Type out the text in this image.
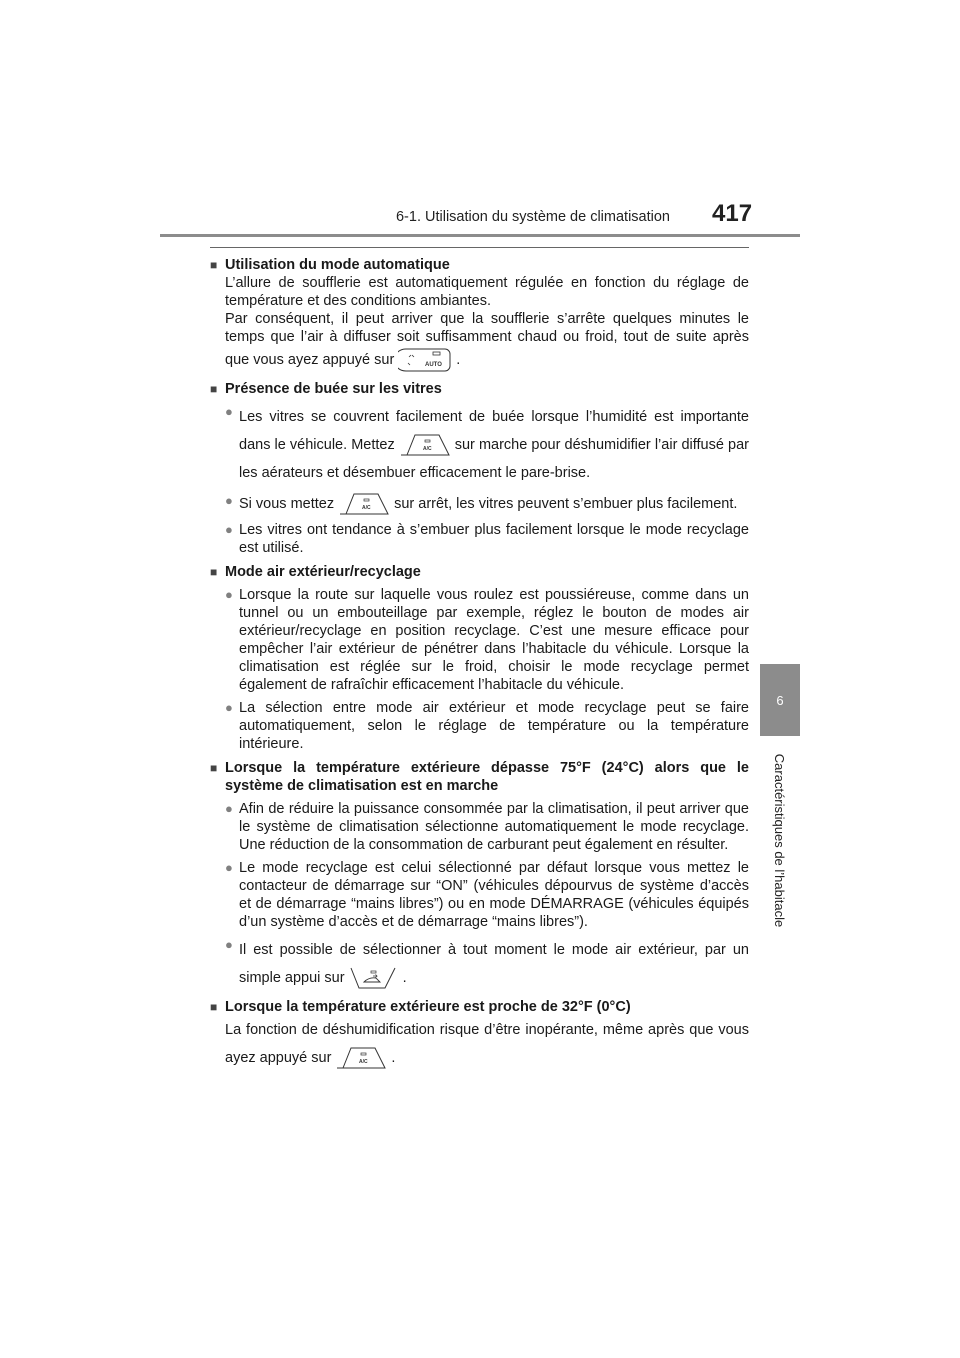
6-1. Utilisation du système de climatisation 417
6
Caractéristiques de l’habitacle
■ Utilisation du mode automatique
L’allure de soufflerie est automatiquement régulée en fonction du réglage de température et des conditions ambiantes.
Par conséquent, il peut arriver que la soufflerie s’arrête quelques minutes le temps que l’air à diffuser soit suffisamment chaud ou froid, tout de suite après que vous ayez appuyé sur	AUTO .
■ Présence de buée sur les vitres
● Les vitres se couvrent facilement de buée lorsque l’humidité est importante dans le véhicule. Mettez	A/C sur marche pour déshumidifier l’air diffusé par les aérateurs et désembuer efficacement le pare-brise.
● Si vous mettez	A/C sur arrêt, les vitres peuvent s’embuer plus facilement.
● Les vitres ont tendance à s’embuer plus facilement lorsque le mode recyclage est utilisé.
■ Mode air extérieur/recyclage
● Lorsque la route sur laquelle vous roulez est poussiéreuse, comme dans un tunnel ou un embouteillage par exemple, réglez le bouton de modes air extérieur/recyclage en position recyclage. C’est une mesure efficace pour empêcher l’air extérieur de pénétrer dans l’habitacle du véhicule. Lorsque la climatisation est réglée sur le froid, choisir le mode recyclage permet également de rafraîchir efficacement l’habitacle du véhicule.
● La sélection entre mode air extérieur et mode recyclage peut se faire automatiquement, selon le réglage de température ou la température intérieure.
■ Lorsque la température extérieure dépasse 75°F (24°C) alors que le système de climatisation est en marche
● Afin de réduire la puissance consommée par la climatisation, il peut arriver que le système de climatisation sélectionne automatiquement le mode recyclage. Une réduction de la consommation de carburant peut également en résulter.
● Le mode recyclage est celui sélectionné par défaut lorsque vous mettez le contacteur de démarrage sur “ON” (véhicules dépourvus de système d’accès et de démarrage “mains libres”) ou en mode DÉMARRAGE (véhicules équipés d’un système d’accès et de démarrage “mains libres”).
● Il est possible de sélectionner à tout moment le mode air extérieur, par un simple appui sur	.
■ Lorsque la température extérieure est proche de 32°F (0°C)
La fonction de déshumidification risque d’être inopérante, même après que vous ayez appuyé sur	A/C .
